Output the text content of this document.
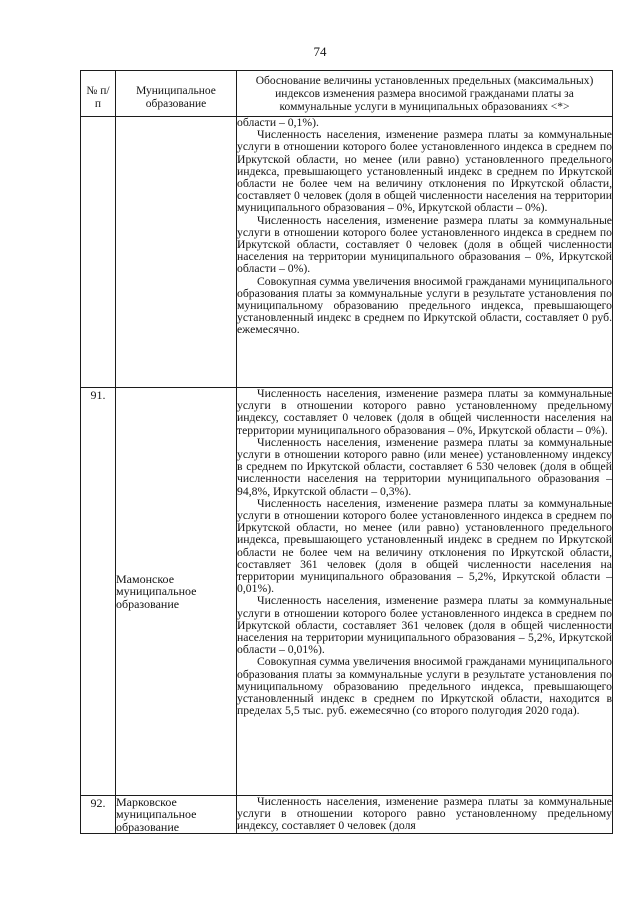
74
№ п/п	Муниципальное образование	Обоснование величины установленных предельных (максимальных) индексов изменения размера вносимой гражданами платы за коммунальные услуги в муниципальных образованиях <*>

		области – 0,1%).

Численность населения, изменение размера платы за коммунальные услуги в отношении которого более установленного индекса в среднем по Иркутской области, но менее (или равно) установленного предельного индекса, превышающего установленный индекс в среднем по Иркутской области не более чем на величину отклонения по Иркутской области, составляет 0 человек (доля в общей численности населения на территории муниципального образования – 0%, Иркутской области – 0%).

Численность населения, изменение размера платы за коммунальные услуги в отношении которого более установленного индекса в среднем по Иркутской области, составляет 0 человек (доля в общей численности населения на территории муниципального образования – 0%, Иркутской области – 0%).

Совокупная сумма увеличения вносимой гражданами муниципального образования платы за коммунальные услуги в результате установления по муниципальному образованию предельного индекса, превышающего установленный индекс в среднем по Иркутской области, составляет 0 руб. ежемесячно.

91.	Мамонское муниципальное образование	Численность населения, изменение размера платы за коммунальные услуги в отношении которого равно установленному предельному индексу, составляет 0 человек (доля в общей численности населения на территории муниципального образования – 0%, Иркутской области – 0%).

Численность населения, изменение размера платы за коммунальные услуги в отношении которого равно (или менее) установленному индексу в среднем по Иркутской области, составляет 6 530 человек (доля в общей численности населения на территории муниципального образования – 94,8%, Иркутской области – 0,3%).

Численность населения, изменение размера платы за коммунальные услуги в отношении которого более установленного индекса в среднем по Иркутской области, но менее (или равно) установленного предельного индекса, превышающего установленный индекс в среднем по Иркутской области не более чем на величину отклонения по Иркутской области, составляет 361 человек (доля в общей численности населения на территории муниципального образования – 5,2%, Иркутской области – 0,01%).

Численность населения, изменение размера платы за коммунальные услуги в отношении которого более установленного индекса в среднем по Иркутской области, составляет 361 человек (доля в общей численности населения на территории муниципального образования – 5,2%, Иркутской области – 0,01%).

Совокупная сумма увеличения вносимой гражданами муниципального образования платы за коммунальные услуги в результате установления по муниципальному образованию предельного индекса, превышающего установленный индекс в среднем по Иркутской области, находится в пределах 5,5 тыс. руб. ежемесячно (со второго полугодия 2020 года).

92.	Марковское муниципальное образование	Численность населения, изменение размера платы за коммунальные услуги в отношении которого равно установленному предельному индексу, составляет 0 человек (доля
